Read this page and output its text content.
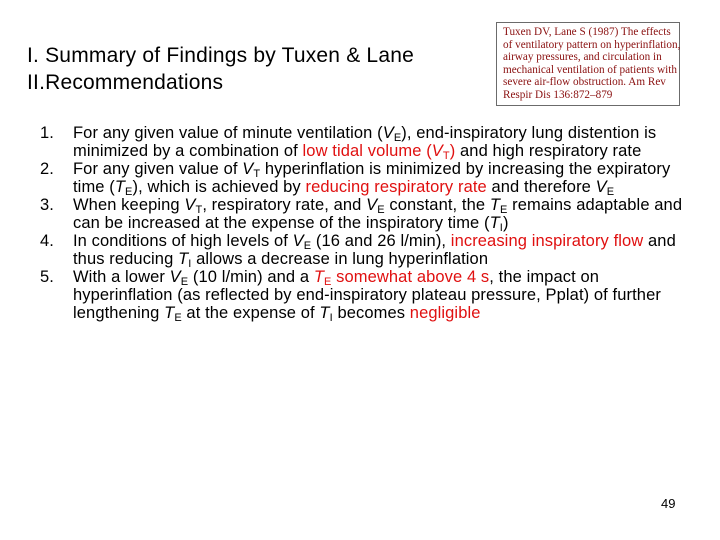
I. Summary of Findings by Tuxen & Lane
II.Recommendations
Tuxen DV, Lane S (1987) The effects
of ventilatory pattern on hyperinflation,
airway pressures, and circulation in
mechanical ventilation of patients with
severe air-flow obstruction. Am Rev
Respir Dis 136:872–879
1. For any given value of minute ventilation $(V_E)$, end-inspiratory lung distention is minimized by a combination of low tidal volume $(V_T)$ and high respiratory rate
2. For any given value of $V_T$ hyperinflation is minimized by increasing the expiratory time $(T_E)$, which is achieved by reducing respiratory rate and therefore $V_E$
3. When keeping $V_T$, respiratory rate, and $V_E$ constant, the $T_E$ remains adaptable and can be increased at the expense of the inspiratory time $(T_I)$
4. In conditions of high levels of $V_E$ (16 and 26 l/min), increasing inspiratory flow and thus reducing $T_I$ allows a decrease in lung hyperinflation
5. With a lower $V_E$ (10 l/min) and a $T_E$ somewhat above 4 s, the impact on hyperinflation (as reflected by end-inspiratory plateau pressure, Pplat) of further lengthening $T_E$ at the expense of $T_I$ becomes negligible
49
